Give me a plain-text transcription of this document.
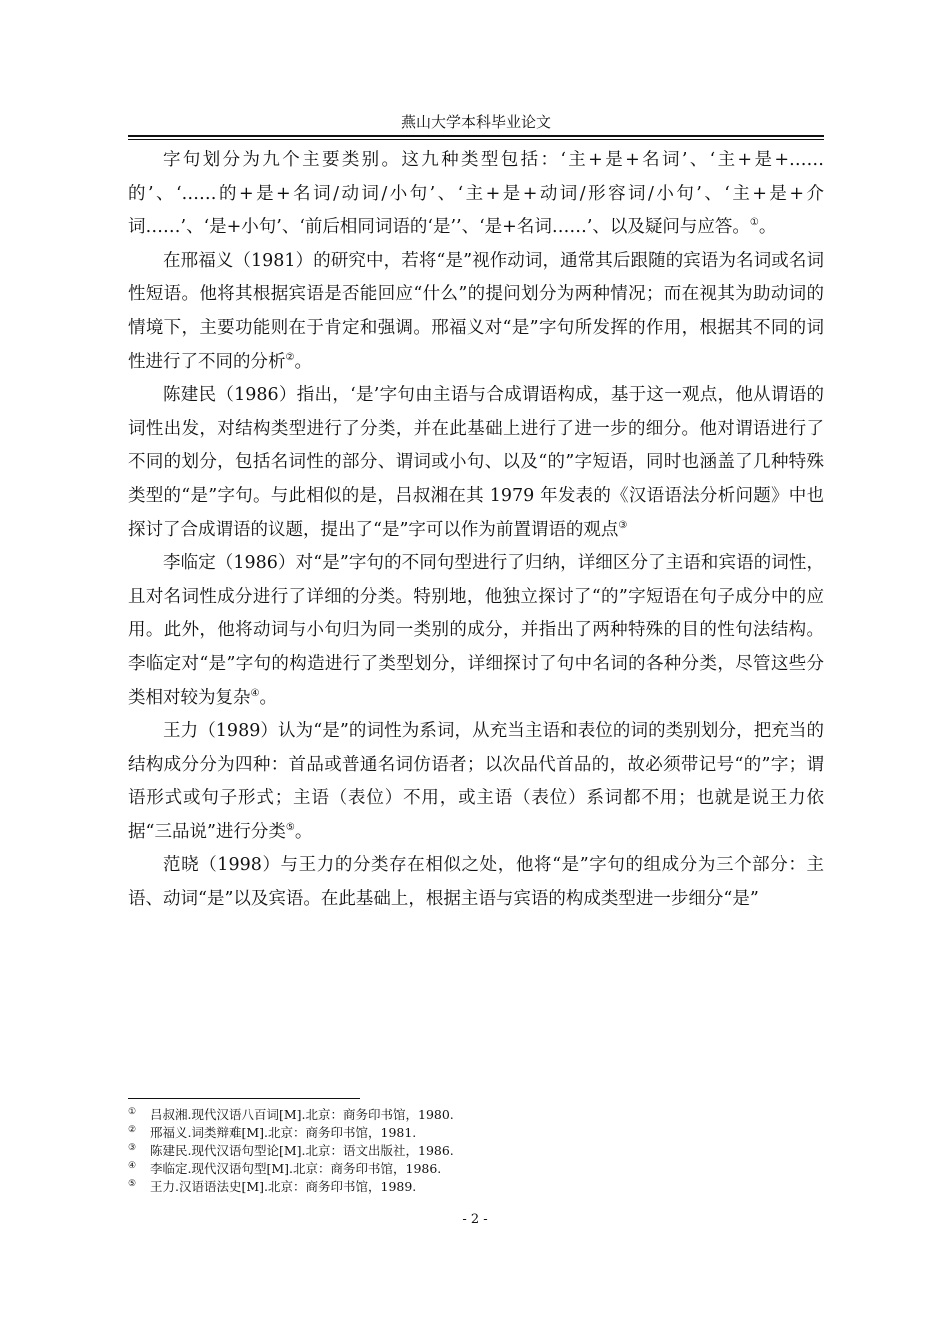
燕山大学本科毕业论文

字句划分为九个主要类别。这九种类型包括：‘主+是+名词’、‘主+是+……的’、‘……的+是+名词/动词/小句’、‘主+是+动词/形容词/小句’、‘主+是+介词……’、‘是+小句’、‘前后相同词语的‘是’’、‘是+名词……’、以及疑问与应答。①。

在邢福义（1981）的研究中，若将“是”视作动词，通常其后跟随的宾语为名词或名词性短语。他将其根据宾语是否能回应“什么”的提问划分为两种情况；而在视其为助动词的情境下，主要功能则在于肯定和强调。邢福义对“是”字句所发挥的作用，根据其不同的词性进行了不同的分析②。

陈建民（1986）指出，‘是’字句由主语与合成谓语构成，基于这一观点，他从谓语的词性出发，对结构类型进行了分类，并在此基础上进行了进一步的细分。他对谓语进行了不同的划分，包括名词性的部分、谓词或小句、以及“的”字短语，同时也涵盖了几种特殊类型的“是”字句。与此相似的是，吕叔湘在其 1979 年发表的《汉语语法分析问题》中也探讨了合成谓语的议题，提出了“是”字可以作为前置谓语的观点③

李临定（1986）对“是”字句的不同句型进行了归纳，详细区分了主语和宾语的词性，且对名词性成分进行了详细的分类。特别地，他独立探讨了“的”字短语在句子成分中的应用。此外，他将动词与小句归为同一类别的成分，并指出了两种特殊的目的性句法结构。李临定对“是”字句的构造进行了类型划分，详细探讨了句中名词的各种分类，尽管这些分类相对较为复杂④。

王力（1989）认为“是”的词性为系词，从充当主语和表位的词的类别划分，把充当的结构成分分为四种：首品或普通名词仿语者；以次品代首品的，故必须带记号“的”字；谓语形式或句子形式；主语（表位）不用，或主语（表位）系词都不用；也就是说王力依据“三品说”进行分类⑤。

范晓（1998）与王力的分类存在相似之处，他将“是”字句的组成分为三个部分：主语、动词“是”以及宾语。在此基础上，根据主语与宾语的构成类型进一步细分“是”

①	吕叔湘.现代汉语八百词[M].北京：商务印书馆，1980.
②	邢福义.词类辩难[M].北京：商务印书馆，1981.
③	陈建民.现代汉语句型论[M].北京：语文出版社，1986.
④	李临定.现代汉语句型[M].北京：商务印书馆，1986.
⑤	王力.汉语语法史[M].北京：商务印书馆，1989.
- 2 -
